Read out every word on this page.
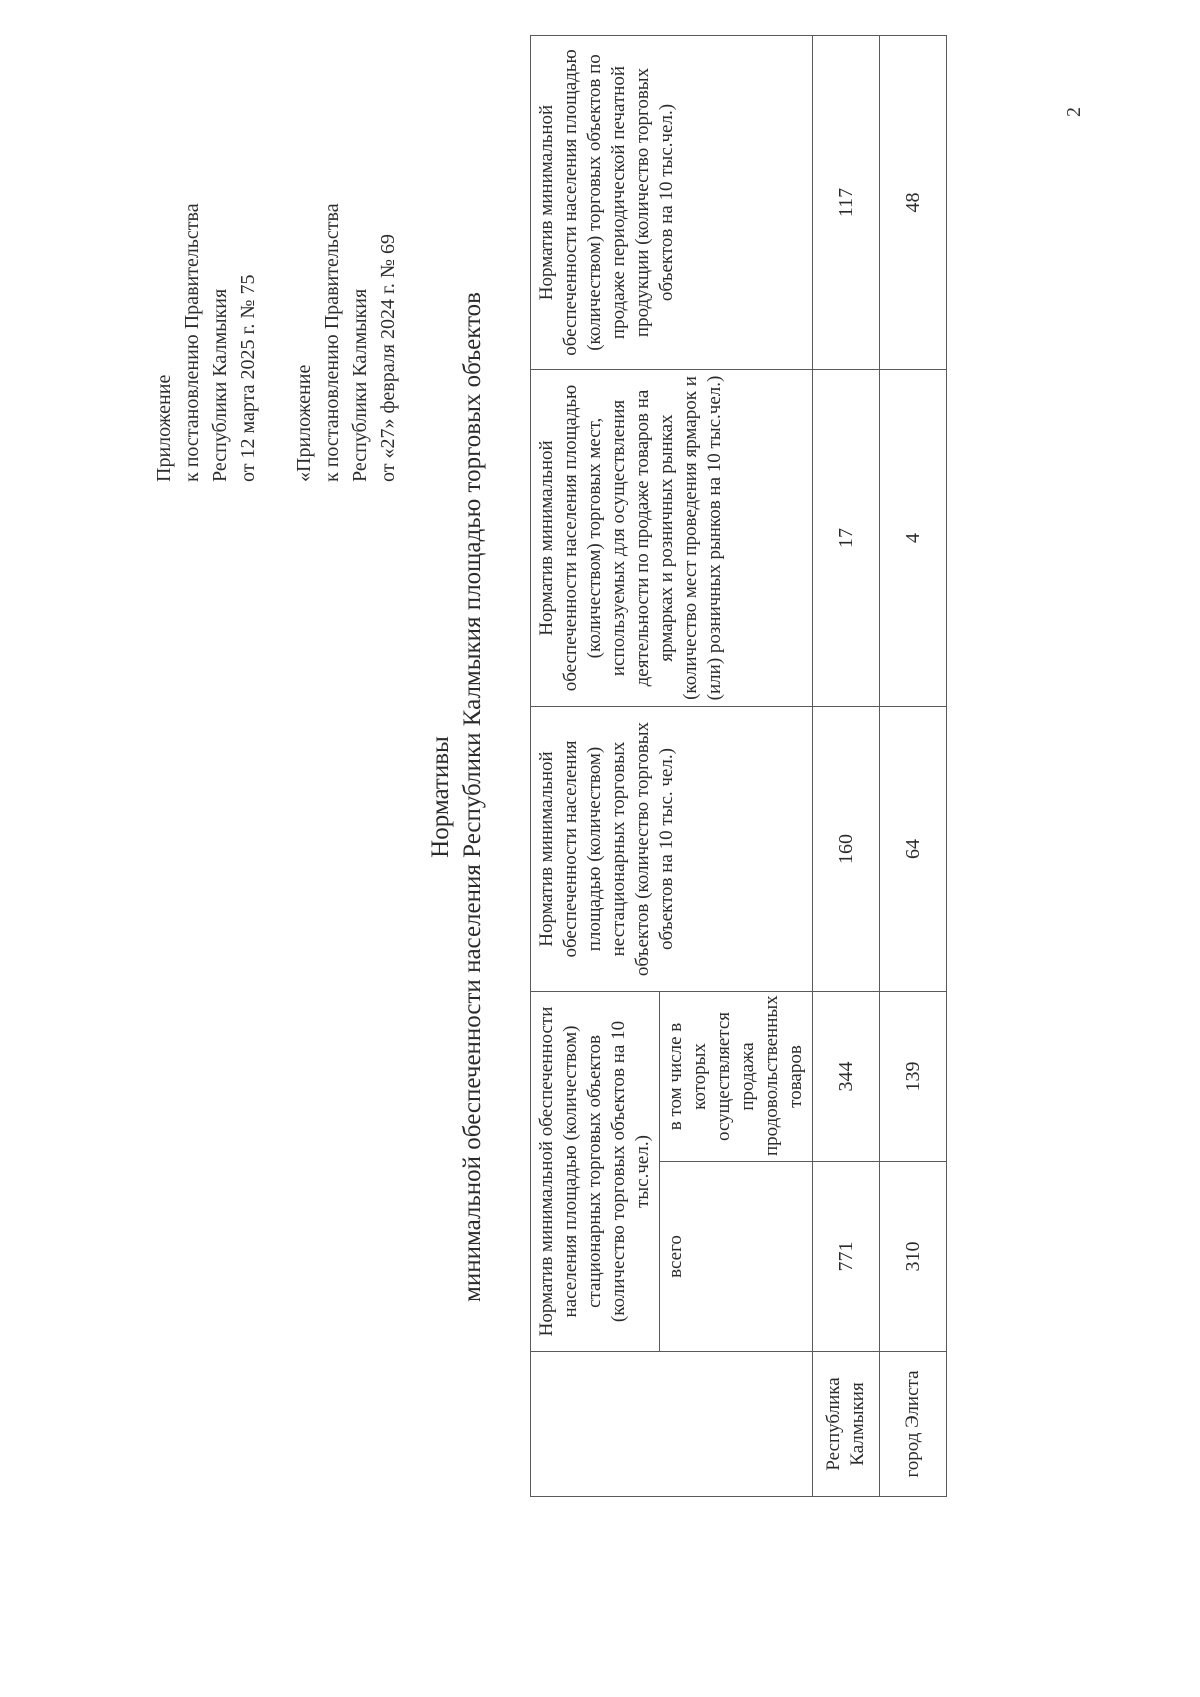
2
Приложение к постановлению Правительства Республики Калмыкия от 12 марта 2025 г. № 75 «Приложение к постановлению Правительства Республики Калмыкия от «27» февраля 2024 г. № 69
Нормативы минимальной обеспеченности населения Республики Калмыкия площадью торговых объектов
		Норматив минимальной обеспеченности населения площадью (количеством) стационарных торговых объектов (количество торговых объектов на 10 тыс.чел.)		Норматив минимальной обеспеченности населения площадью (количеством) нестационарных торговых объектов (количество торговых объектов на 10 тыс. чел.)	Норматив минимальной обеспеченности населения площадью (количеством) торговых мест, используемых для осуществления деятельности по продаже товаров на ярмарках и розничных рынках (количество мест проведения ярмарок и (или) розничных рынков на 10 тыс.чел.)	Норматив минимальной обеспеченности населения площадью (количеством) торговых объектов по продаже периодической печатной продукции (количество торговых объектов на 10 тыс.чел.)
	всего	в том числе в которых осуществляется продажа продовольственных товаров			
Республика Калмыкия	771	344	160	17	117
город Элиста	310	139	64	4	48
